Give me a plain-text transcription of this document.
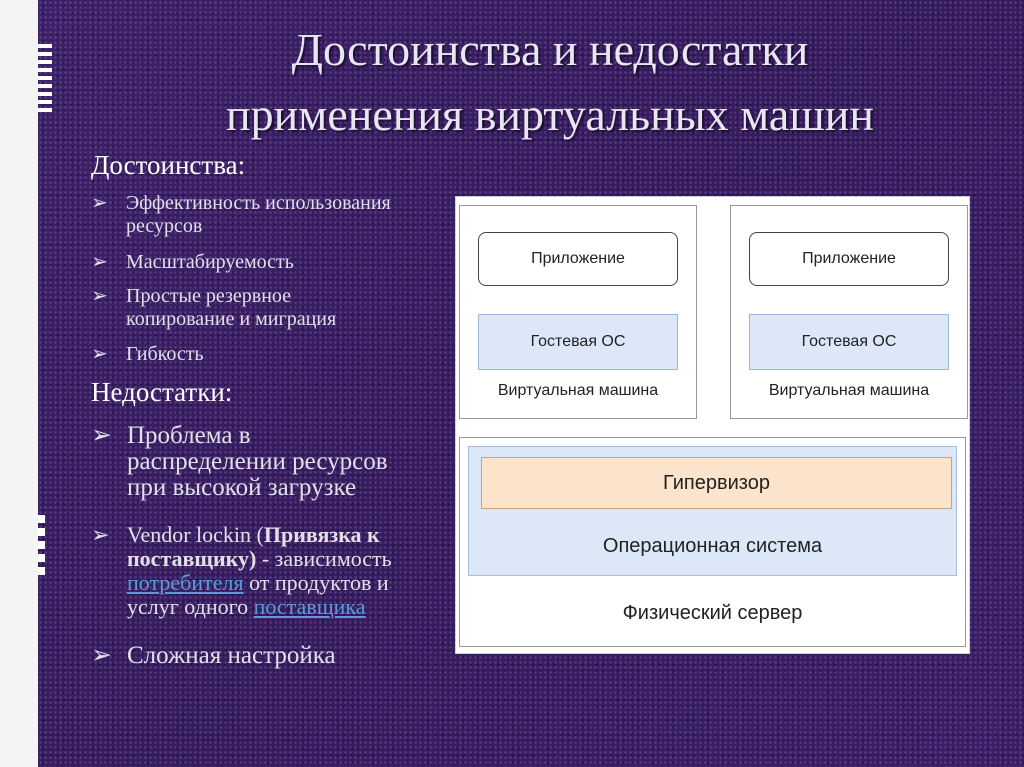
Достоинства и недостатки
применения виртуальных машин
Достоинства:
➢ Эффективность использования
ресурсов
➢ Масштабируемость
➢ Простые резервное
копирование и миграция
➢ Гибкость
Недостатки:
➢ Проблема в
распределении ресурсов
при высокой загрузке
➢ Vendor lockin (Привязка к
поставщику) - зависимость
потребителя от продуктов и
услуг одного поставщика
➢ Сложная настройка
Приложение
Гостевая ОС
Виртуальная машина
Приложение
Гостевая ОС
Виртуальная машина
Гипервизор
Операционная система
Физический сервер
